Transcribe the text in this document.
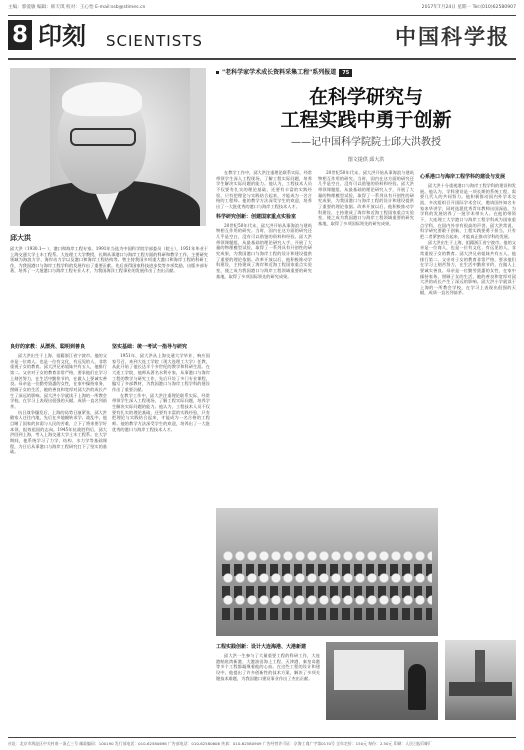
主编：郭爱敏 编辑：韩天琪 校对：王心怡 E-mail:ssb@stimes.cn	2017年7月24日 星期一 Tel:(010)62580907
8 印刻 SCIENTISTS	中国科学报
邱大洪
邱大洪（1930.1— ），港口和海岸工程专家。1991年当选为中国科学院学部委员（院士），1951年毕业于上海交通大学土木工程系。大连理工大学教授，长期从事港口与海岸工程方面的科研和教学工作，主要研究领域为海浪力学、海岸动力学以及港口和海岸工程结构等。曾主持我国多项重大港口和海岸工程的科研工作，为我国港口与海岸工程学科的发展作出了重要贡献。先后获得国家科技进步奖等多项奖励，出版多部专著，培养了一大批港口与海岸工程专业人才，为我国海洋工程事业的发展作出了杰出贡献。
"老科学家学术成长资料采集工程"系列报道 75
在科学研究与
工程实践中勇于创新
——记中国科学院院士邱大洪教授
图文提供 邱大洪
良好的家教：从漂亮、聪明到善良

邱大洪出生于上海，祖籍浙江省宁波市。他的父亲是一位商人，也是一位有文化、有远见的人，非常重视子女的教育。邱大洪兄弟姐妹共有五人，他排行第二。父亲对子女的教育非常严格，要求他们在学习上刻苦努力，在生活中勤俭节约，在做人上要诚实善良。母亲是一位勤劳贤惠的女性，在家中操持家务，照顾子女的生活，她的善良和宽厚对邱大洪的成长产生了深远的影响。邱大洪小学就读于上海的一所教会学校，在学习上表现出很强的天赋，成绩一直名列前茅。

抗日战争爆发后，上海的局势日渐紧张，邱大洪随家人迁往内地，先后在多地辗转求学。战乱中，他目睹了国家的贫弱与人民的苦难，立下了将来要学好本领、报效祖国的志向。1945年抗战胜利后，邱大洪回到上海，考入上海交通大学土木工程系。在大学期间，他系统学习了力学、结构、水力学等基础课程，为日后从事港口与海岸工程研究打下了坚实的基础。

坚实基础：统一考试一指导与研究

1951年，邱大洪从上海交通大学毕业，响应国家号召，来到大连工学院（现大连理工大学）任教，从此开始了他长达半个多世纪的教学和科研生涯。在大连工学院，他师从著名水利专家，从事港口与海岸工程的教学与研究工作，先后开设了多门专业课程，编写了多部教材，为我国港口与海岸工程学科的建设作出了重要贡献。

在教学工作中，邱大洪注重理论联系实际，经常带领学生深入工程现场，了解工程实际问题，培养学生解决实际问题的能力。他认为，工程技术人员不仅要有扎实的理论基础，还要有丰富的实践经验，只有把理论与实践结合起来，才能成为一名合格的工程师。他的教学方法深受学生的欢迎，培养出了一大批优秀的港口与海岸工程技术人才。

在教学工作中，邱大洪注重理论联系实际，经常带领学生深入工程现场，了解工程实际问题，培养学生解决实际问题的能力。他认为，工程技术人员不仅要有扎实的理论基础，还要有丰富的实践经验，只有把理论与实践结合起来，才能成为一名合格的工程师。他的教学方法深受学生的欢迎，培养出了一大批优秀的港口与海岸工程技术人才。

科学研究创新：创建国家重点实验室

20世纪50年代末，邱大洪开始从事海浪与建筑物相互作用的研究。当时，国内在这方面的研究还几乎是空白，没有可以借鉴的资料和经验。邱大洪带领课题组，从最基础的理论研究入手，开展了大量的物理模型试验，取得了一系列具有开创性的研究成果，为我国港口与海岸工程的设计和建设提供了重要的理论依据。改革开放以后，他积极推动学科建设，主持建成了海岸和近海工程国家重点实验室，使之成为我国港口与海岸工程领域重要的研究基地，取得了多项国际领先的研究成果。

20世纪50年代末，邱大洪开始从事海浪与建筑物相互作用的研究。当时，国内在这方面的研究还几乎是空白，没有可以借鉴的资料和经验。邱大洪带领课题组，从最基础的理论研究入手，开展了大量的物理模型试验，取得了一系列具有开创性的研究成果，为我国港口与海岸工程的设计和建设提供了重要的理论依据。改革开放以后，他积极推动学科建设，主持建成了海岸和近海工程国家重点实验室，使之成为我国港口与海岸工程领域重要的研究基地，取得了多项国际领先的研究成果。

心系港口与海岸工程学科的建设与发展

邱大洪十分重视港口与海岸工程学科的建设和发展。他认为，学科建设是一项长期的系统工程，需要几代人的共同努力。他积极推动国内外学术交流，多次组织召开国际学术会议，邀请国外知名专家来华讲学，同时选派优秀青年教师出国深造，为学科的发展培养了一批学术带头人。在他的带领下，大连理工大学港口与海岸工程学科成为国家重点学科，在国内外享有很高的声誉。邱大洪常说，科学研究要敢于创新，工程实践要勇于担当，只有把二者紧密结合起来，才能真正推动学科的发展。

邱大洪出生于上海，祖籍浙江省宁波市。他的父亲是一位商人，也是一位有文化、有远见的人，非常重视子女的教育。邱大洪兄弟姐妹共有五人，他排行第二。父亲对子女的教育非常严格，要求他们在学习上刻苦努力，在生活中勤俭节约，在做人上要诚实善良。母亲是一位勤劳贤惠的女性，在家中操持家务，照顾子女的生活，她的善良和宽厚对邱大洪的成长产生了深远的影响。邱大洪小学就读于上海的一所教会学校，在学习上表现出很强的天赋，成绩一直名列前茅。

工程实践创新：设计大连海港、大港新建

邱大洪一生参与了大量重要工程的科研工作，大连港鲇鱼湾新港、大港油田海上工程、天津港、秦皇岛港等多个工程都凝聚着他的心血。在这些工程的设计和建设中，他提出了许多创新性的技术方案，解决了多项关键技术难题，为我国港口建设事业作出了杰出贡献。

社址：北京市海淀区中关村南一条乙三号 邮政编码：100190 发行部电话：010-62580698 广告部电话：010-62580606 传真：010-62580909 广告经营许可证：京海工商广字第0170号 全年定价：150元 每份：2.50元 印刷：人民日报印刷厂
